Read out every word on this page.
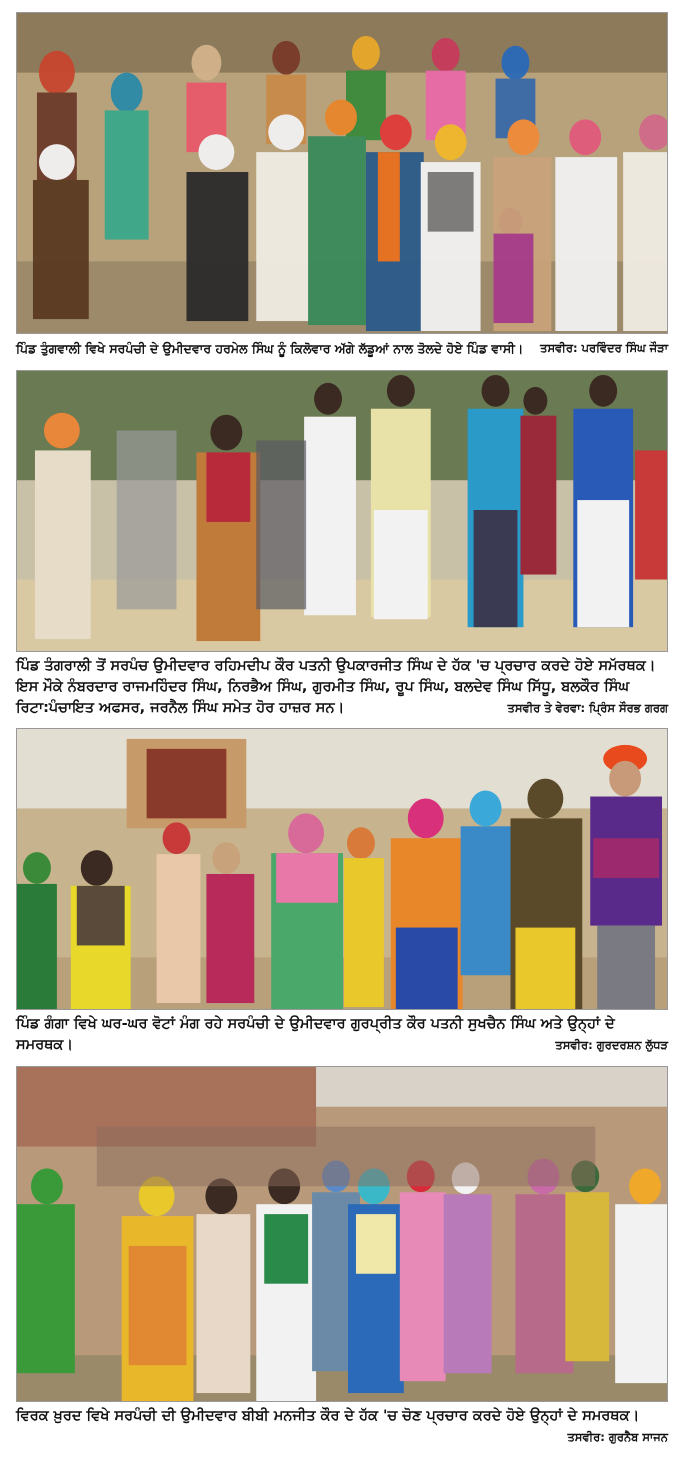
ਤਸਵੀਰ: ਪਰਵਿੰਦਰ ਸਿੰਘ ਜੌੜਾ
ਪਿੰਡ ਤੁੰਗਵਾਲੀ ਵਿਖੇ ਸਰਪੰਚੀ ਦੇ ਉਮੀਦਵਾਰ ਹਰਮੇਲ ਸਿੰਘ ਨੂੰ ਕਿਲੋਵਾਰ ਅੱਗੇ ਲੱਡੂਆਂ ਨਾਲ ਤੋਲਦੇ ਹੋਏ ਪਿੰਡ ਵਾਸੀ।
ਪਿੰਡ ਤੰਗਰਾਲੀ ਤੋਂ ਸਰਪੰਚ ਉਮੀਦਵਾਰ ਰਹਿਮਦੀਪ ਕੌਰ ਪਤਨੀ ਉਪਕਾਰਜੀਤ ਸਿੰਘ ਦੇ ਹੱਕ 'ਚ ਪ੍ਰਚਾਰ ਕਰਦੇ ਹੋਏ ਸਮੱਰਥਕ। ਇਸ ਮੌਕੇ ਨੰਬਰਦਾਰ ਰਾਜਮਹਿੰਦਰ ਸਿੰਘ, ਨਿਰਭੈਅ ਸਿੰਘ, ਗੁਰਮੀਤ ਸਿੰਘ, ਰੂਪ ਸਿੰਘ, ਬਲਦੇਵ ਸਿੰਘ ਸਿੱਧੂ, ਬਲਕੌਰ ਸਿੰਘ ਰਿਟਾ:ਪੰਚਾਇਤ ਅਫਸਰ, ਜਰਨੈਲ ਸਿੰਘ ਸਮੇਤ ਹੋਰ ਹਾਜ਼ਰ ਸਨ।	ਤਸਵੀਰ ਤੇ ਵੇਰਵਾ: ਪ੍ਰਿੰਸ ਸੌਰਭ ਗਰਗ
ਪਿੰਡ ਗੰਗਾ ਵਿਖੇ ਘਰ-ਘਰ ਵੋਟਾਂ ਮੰਗ ਰਹੇ ਸਰਪੰਚੀ ਦੇ ਉਮੀਦਵਾਰ ਗੁਰਪ੍ਰੀਤ ਕੌਰ ਪਤਨੀ ਸੁਖਚੈਨ ਸਿੰਘ ਅਤੇ ਉਨ੍ਹਾਂ ਦੇ ਸਮਰਥਕ।	ਤਸਵੀਰ: ਗੁਰਦਰਸ਼ਨ ਲੁੱਧੜ
ਵਿਰਕ ਖ਼ੁਰਦ ਵਿਖੇ ਸਰਪੰਚੀ ਦੀ ਉਮੀਦਵਾਰ ਬੀਬੀ ਮਨਜੀਤ ਕੌਰ ਦੇ ਹੱਕ 'ਚ ਚੋਣ ਪ੍ਰਚਾਰ ਕਰਦੇ ਹੋਏ ਉਨ੍ਹਾਂ ਦੇ ਸਮਰਥਕ।
ਤਸਵੀਰ: ਗੁਰਨੈਬ ਸਾਜਨ
